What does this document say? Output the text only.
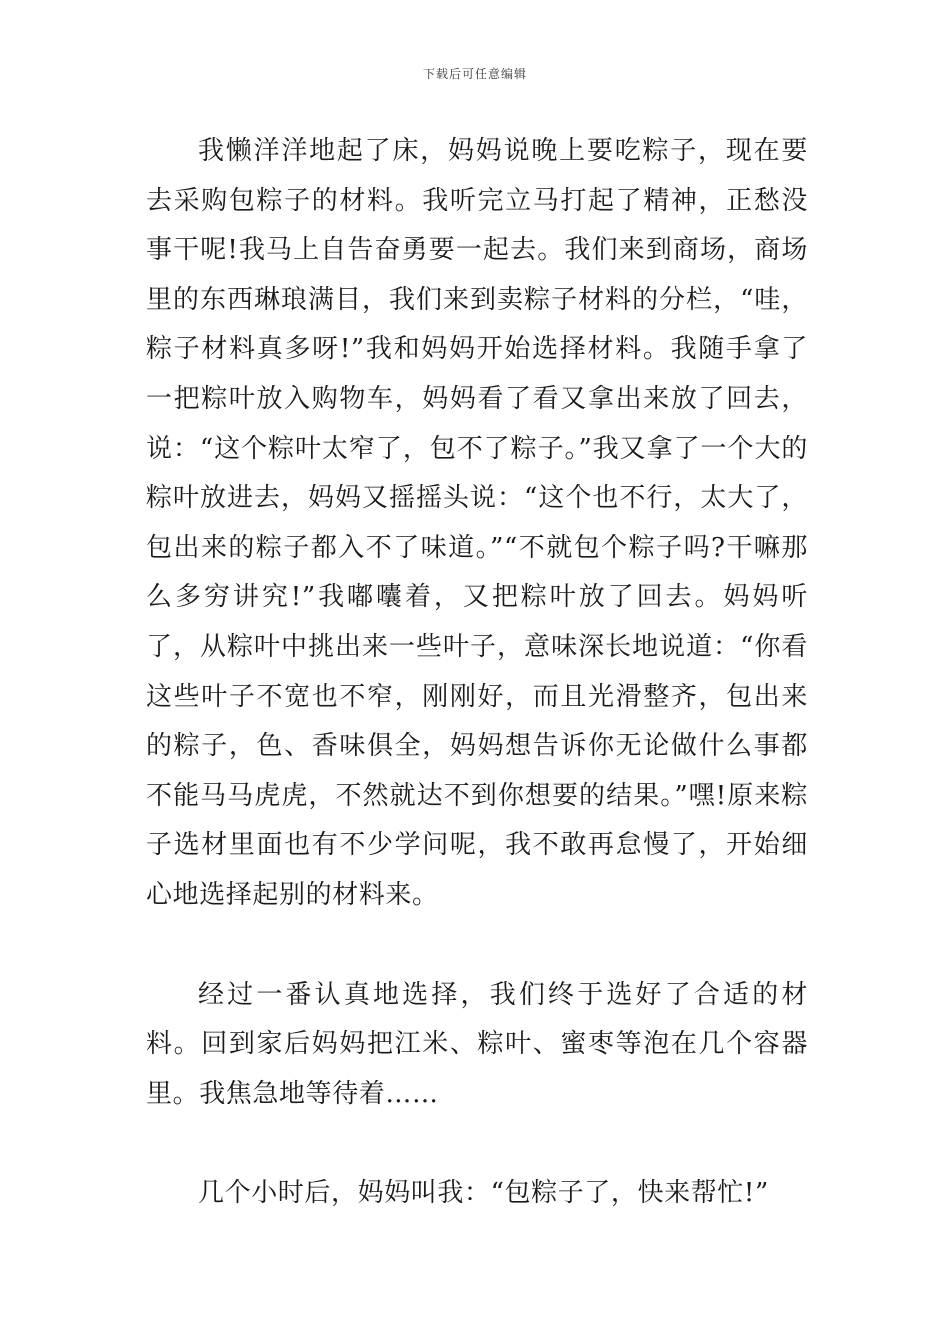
下载后可任意编辑

我懒洋洋地起了床，妈妈说晚上要吃粽子，现在要去采购包粽子的材料。我听完立马打起了精神，正愁没事干呢!我马上自告奋勇要一起去。我们来到商场，商场里的东西琳琅满目，我们来到卖粽子材料的分栏，“哇，粽子材料真多呀!”我和妈妈开始选择材料。我随手拿了一把粽叶放入购物车，妈妈看了看又拿出来放了回去，说：“这个粽叶太窄了，包不了粽子。”我又拿了一个大的粽叶放进去，妈妈又摇摇头说：“这个也不行，太大了，包出来的粽子都入不了味道。”“不就包个粽子吗?干嘛那么多穷讲究!”我嘟囔着，又把粽叶放了回去。妈妈听了，从粽叶中挑出来一些叶子，意味深长地说道：“你看这些叶子不宽也不窄，刚刚好，而且光滑整齐，包出来的粽子，色、香味俱全，妈妈想告诉你无论做什么事都不能马马虎虎，不然就达不到你想要的结果。”嘿!原来粽子选材里面也有不少学问呢，我不敢再怠慢了，开始细心地选择起别的材料来。

经过一番认真地选择，我们终于选好了合适的材料。回到家后妈妈把江米、粽叶、蜜枣等泡在几个容器里。我焦急地等待着……

几个小时后，妈妈叫我：“包粽子了，快来帮忙!”
